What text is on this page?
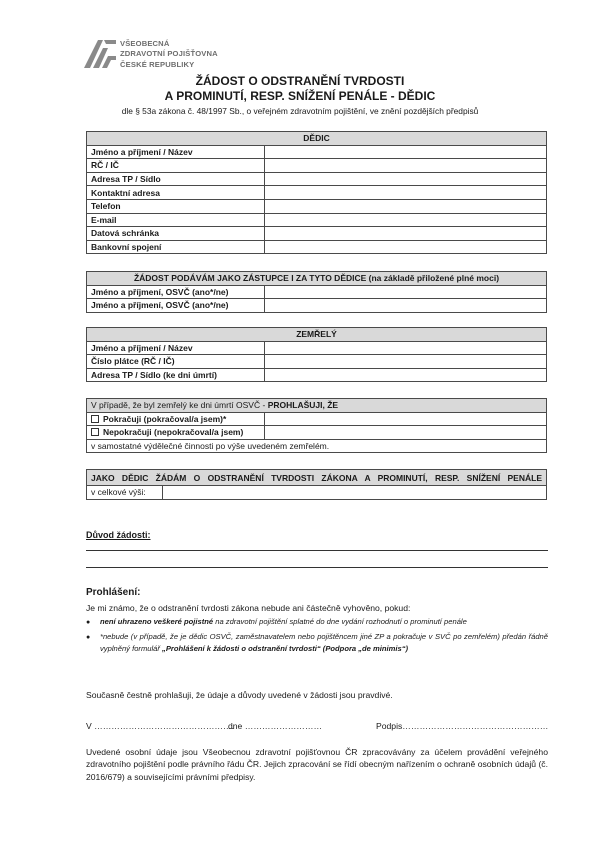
VŠEOBECNÁ
ZDRAVOTNÍ POJIŠŤOVNA
ČESKÉ REPUBLIKY
ŽÁDOST O ODSTRANĚNÍ TVRDOSTI
A PROMINUTÍ, RESP. SNÍŽENÍ PENÁLE - DĚDIC
dle § 53a zákona č. 48/1997 Sb., o veřejném zdravotním pojištění, ve znění pozdějších předpisů
DĚDIC	
Jméno a příjmení / Název	
RČ / IČ	
Adresa TP / Sídlo	
Kontaktní adresa	
Telefon	
E-mail	
Datová schránka	
Bankovní spojení	
ŽÁDOST PODÁVÁM JAKO ZÁSTUPCE I ZA TYTO DĚDICE (na základě přiložené plné moci)	
Jméno a příjmení, OSVČ (ano*/ne)	
Jméno a příjmení, OSVČ (ano*/ne)	
ZEMŘELÝ	
Jméno a příjmení / Název	
Číslo plátce (RČ / IČ)	
Adresa TP / Sídlo (ke dni úmrtí)	
V případě, že byl zemřelý ke dni úmrtí OSVČ - PROHLAŠUJI, ŽE	
Pokračuji (pokračoval/a jsem)*	
Nepokračuji (nepokračoval/a jsem)	
v samostatné výdělečné činnosti po výše uvedeném zemřelém.	
JAKO DĚDIC ŽÁDÁM O ODSTRANĚNÍ TVRDOSTI ZÁKONA A PROMINUTÍ, RESP. SNÍŽENÍ PENÁLE
v celkové výši:	
Důvod žádosti:
Prohlášení:
Je mi známo, že o odstranění tvrdosti zákona nebude ani částečně vyhověno, pokud:
● není uhrazeno veškeré pojistné na zdravotní pojištění splatné do dne vydání rozhodnutí o prominutí penále
● *nebude (v případě, že je dědic OSVČ, zaměstnavatelem nebo pojištěncem jiné ZP a pokračuje v SVČ po zemřelém) předán řádně vyplněný formulář „Prohlášení k žádosti o odstranění tvrdosti“ (Podpora „de minimis“)
Současně čestně prohlašuji, že údaje a důvody uvedené v žádosti jsou pravdivé.
V ………………………………………….
dne ………………………	Podpis……………………………………………
Uvedené osobní údaje jsou Všeobecnou zdravotní pojišťovnou ČR zpracovávány za účelem provádění veřejného zdravotního pojištění podle právního řádu ČR. Jejich zpracování se řídí obecným nařízením o ochraně osobních údajů (č. 2016/679) a souvisejícími právními předpisy.
